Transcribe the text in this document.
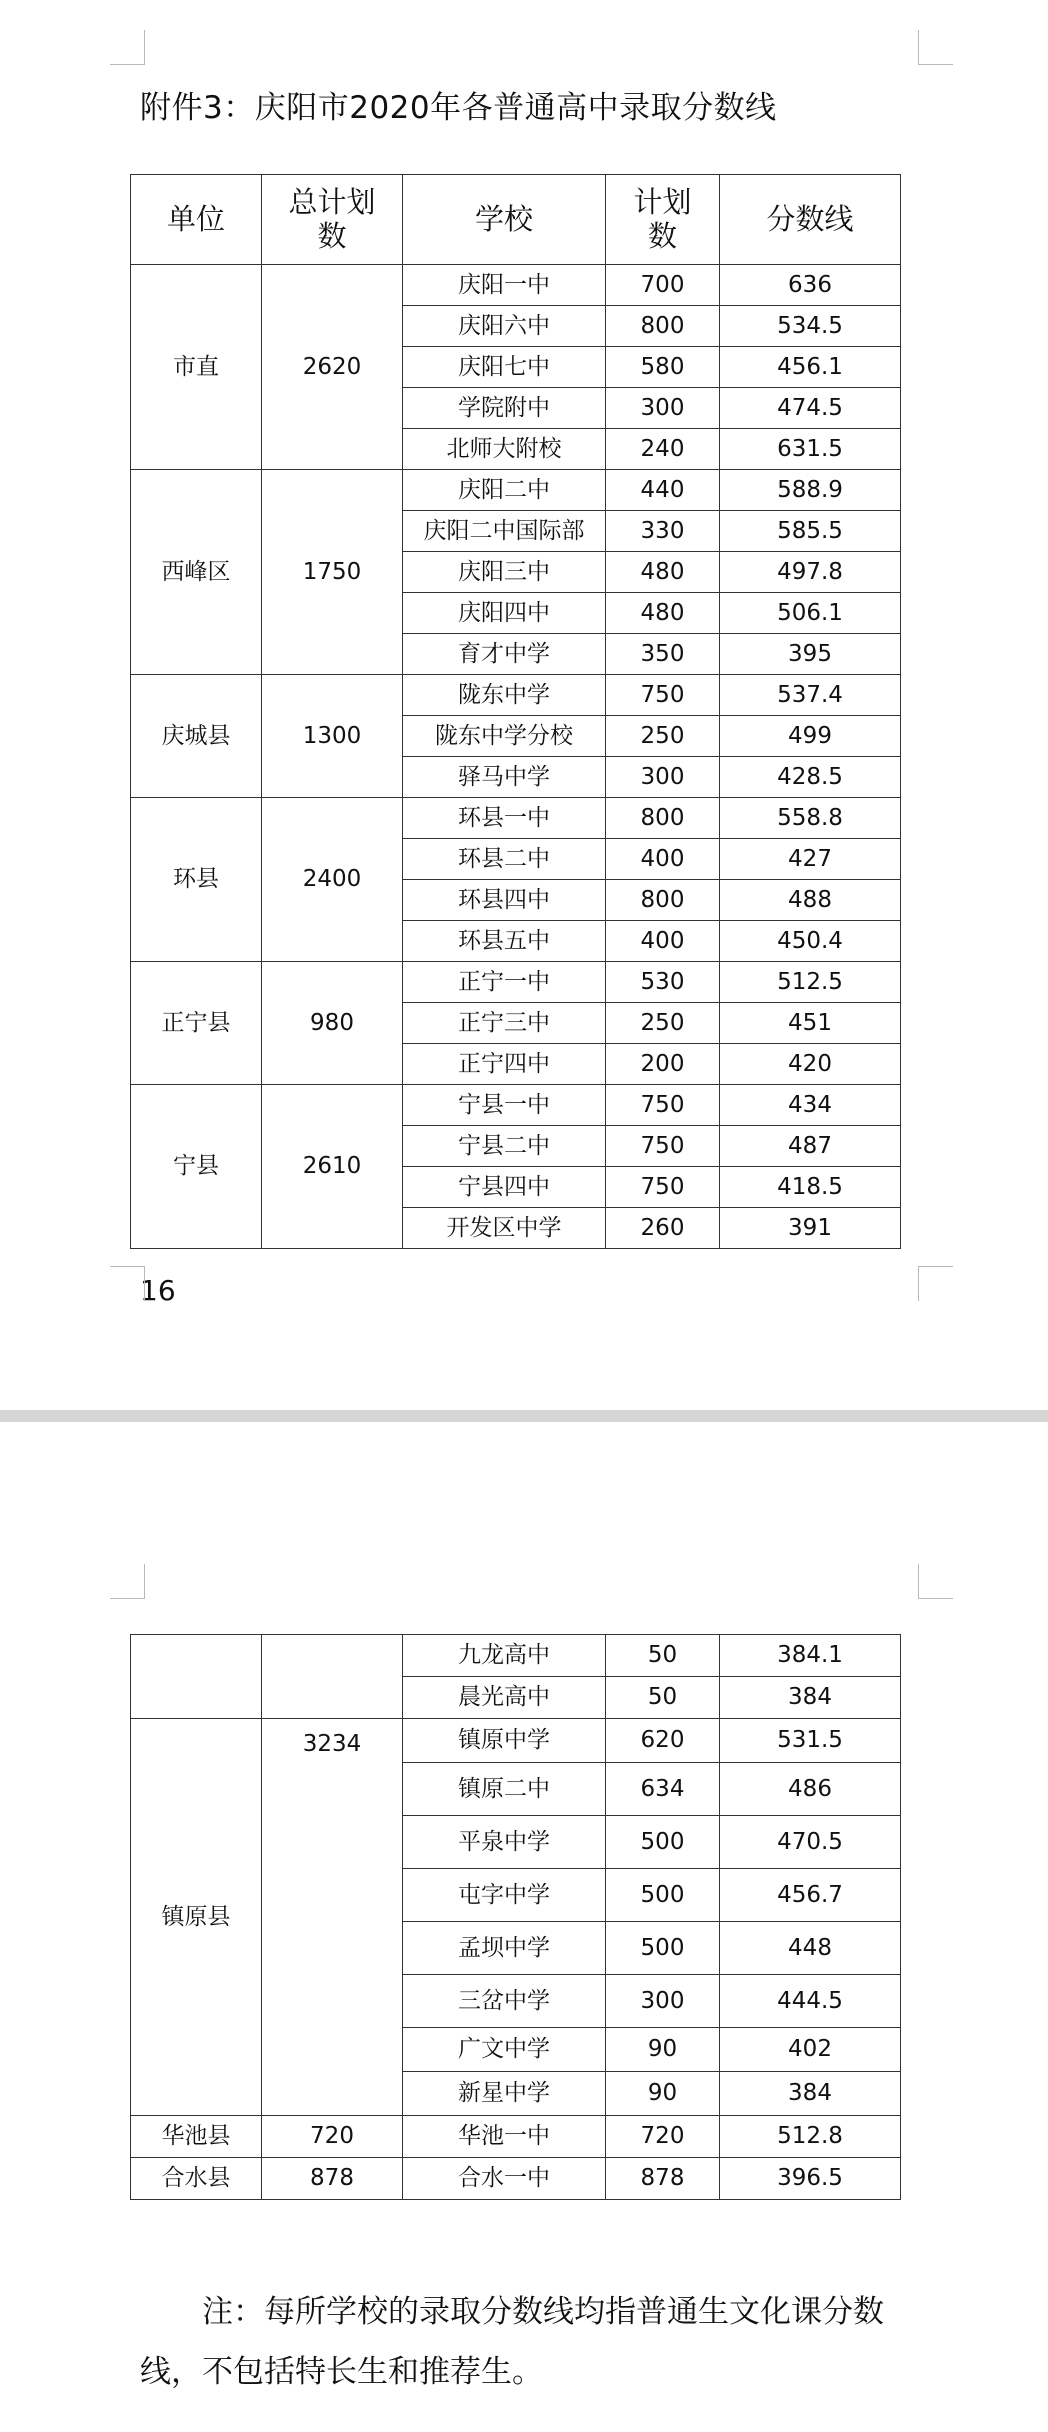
附件3：庆阳市2020年各普通高中录取分数线
单位	总计划数	学校	计划数	分数线
市直	2620	庆阳一中	700	636
		庆阳六中	800	534.5
		庆阳七中	580	456.1
		学院附中	300	474.5
		北师大附校	240	631.5
西峰区	1750	庆阳二中	440	588.9
		庆阳二中国际部	330	585.5
		庆阳三中	480	497.8
		庆阳四中	480	506.1
		育才中学	350	395
庆城县	1300	陇东中学	750	537.4
		陇东中学分校	250	499
		驿马中学	300	428.5
环县	2400	环县一中	800	558.8
		环县二中	400	427
		环县四中	800	488
		环县五中	400	450.4
正宁县	980	正宁一中	530	512.5
		正宁三中	250	451
		正宁四中	200	420
宁县	2610	宁县一中	750	434
		宁县二中	750	487
		宁县四中	750	418.5
		开发区中学	260	391
16
		九龙高中	50	384.1
		晨光高中	50	384
镇原县	3234	镇原中学	620	531.5
		镇原二中	634	486
		平泉中学	500	470.5
		屯字中学	500	456.7
		孟坝中学	500	448
		三岔中学	300	444.5
		广文中学	90	402
		新星中学	90	384
华池县	720	华池一中	720	512.8
合水县	878	合水一中	878	396.5

注：每所学校的录取分数线均指普通生文化课分数

线，不包括特长生和推荐生。
